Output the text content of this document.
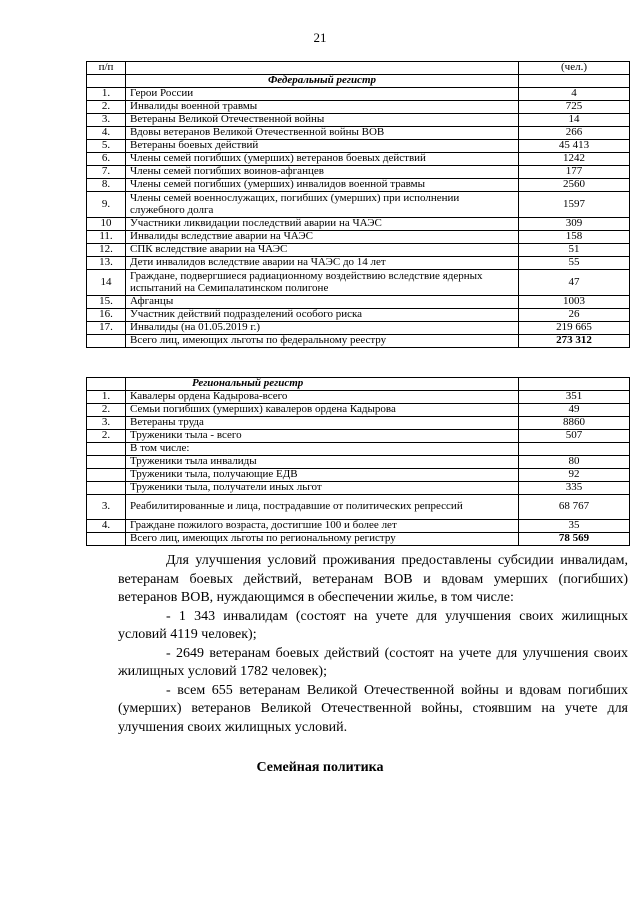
21
п/п		(чел.)
	Федеральный регистр	
1.	Герои России	4
2.	Инвалиды военной травмы	725
3.	Ветераны Великой Отечественной войны	14
4.	Вдовы ветеранов Великой Отечественной войны ВОВ	266
5.	Ветераны боевых действий	45 413
6.	Члены семей погибших (умерших) ветеранов боевых действий	1242
7.	Члены семей погибших воинов-афганцев	177
8.	Члены семей погибших (умерших) инвалидов военной травмы	2560
9.	Члены семей военнослужащих, погибших (умерших) при исполнении служебного долга	1597
10	Участники ликвидации последствий аварии на ЧАЭС	309
11.	Инвалиды вследствие аварии на ЧАЭС	158
12.	СПК вследствие аварии на ЧАЭС	51
13.	Дети инвалидов вследствие аварии на ЧАЭС до 14 лет	55
14	Граждане, подвергшиеся радиационному воздействию вследствие ядерных испытаний на Семипалатинском полигоне	47
15.	Афганцы	1003
16.	Участник действий подразделений особого риска	26
17.	Инвалиды (на 01.05.2019 г.)	219 665
	Всего лиц, имеющих льготы по федеральному реестру	273 312
	Региональный регистр	
1.	Кавалеры ордена Кадырова-всего	351
2.	Семьи погибших (умерших) кавалеров ордена Кадырова	49
3.	Ветераны труда	8860
2.	Труженики тыла - всего	507
	В том числе:	
	Труженики тыла инвалиды	80
	Труженики тыла, получающие ЕДВ	92
	Труженики тыла, получатели иных льгот	335
3.	Реабилитированные и лица, пострадавшие от политических репрессий	68 767
4.	Граждане пожилого возраста, достигшие 100 и более лет	35
	Всего лиц, имеющих льготы по региональному регистру	78 569

Для улучшения условий проживания предоставлены субсидии инвалидам, ветеранам боевых действий, ветеранам ВОВ и вдовам умерших (погибших) ветеранов ВОВ, нуждающимся в обеспечении жилье, в том числе:

- 1 343 инвалидам (состоят на учете для улучшения своих жилищных условий 4119 человек);

- 2649 ветеранам боевых действий (состоят на учете для улучшения своих жилищных условий 1782 человек);

- всем 655 ветеранам Великой Отечественной войны и вдовам погибших (умерших) ветеранов Великой Отечественной войны, стоявшим на учете для улучшения своих жилищных условий.

Семейная политика
